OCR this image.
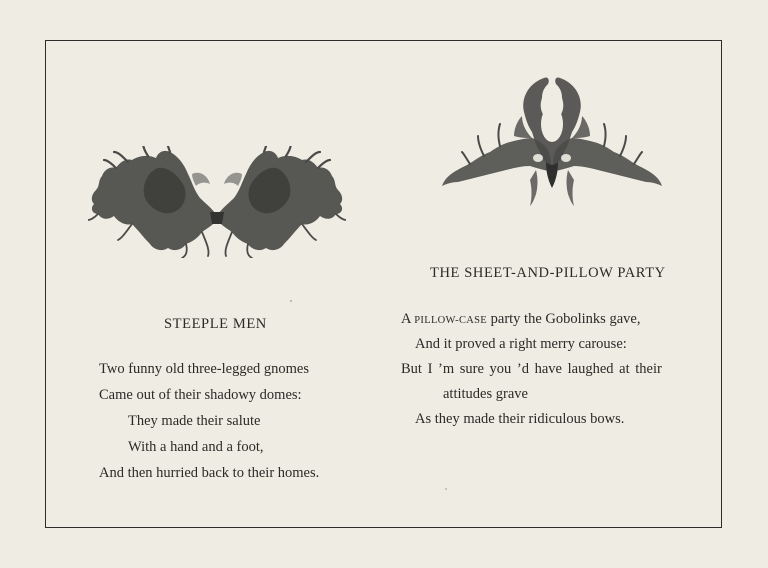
STEEPLE MEN
Two funny old three-legged gnomes
Came out of their shadowy domes:
They made their salute
With a hand and a foot,
And then hurried back to their homes.
THE SHEET-AND-PILLOW PARTY
A PILLOW-CASE party the Gobolinks gave,
And it proved a right merry carouse:
But I ’m sure you ’d have laughed at their
attitudes grave
As they made their ridiculous bows.
